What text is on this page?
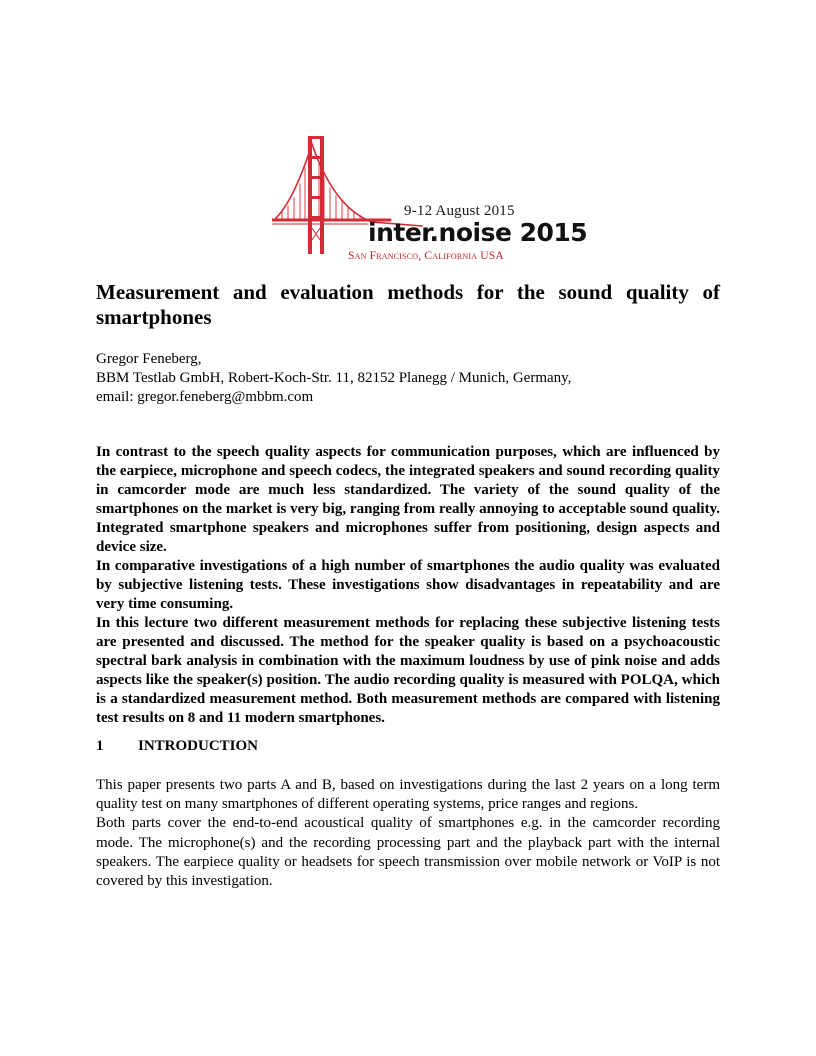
9-12 August 2015
inter.noise 2015
San Francisco, California USA
Measurement and evaluation methods for the sound quality of smartphones
Gregor Feneberg,
BBM Testlab GmbH, Robert-Koch-Str. 11, 82152 Planegg / Munich, Germany,
email: gregor.feneberg@mbbm.com

In contrast to the speech quality aspects for communication purposes, which are influenced by the earpiece, microphone and speech codecs, the integrated speakers and sound recording quality in camcorder mode are much less standardized. The variety of the sound quality of the smartphones on the market is very big, ranging from really annoying to acceptable sound quality. Integrated smartphone speakers and microphones suffer from positioning, design aspects and device size.

In comparative investigations of a high number of smartphones the audio quality was evaluated by subjective listening tests. These investigations show disadvantages in repeatability and are very time consuming.

In this lecture two different measurement methods for replacing these subjective listening tests are presented and discussed. The method for the speaker quality is based on a psychoacoustic spectral bark analysis in combination with the maximum loudness by use of pink noise and adds aspects like the speaker(s) position. The audio recording quality is measured with POLQA, which is a standardized measurement method. Both measurement methods are compared with listening test results on 8 and 11 modern smartphones.

1 INTRODUCTION

This paper presents two parts A and B, based on investigations during the last 2 years on a long term quality test on many smartphones of different operating systems, price ranges and regions.

Both parts cover the end-to-end acoustical quality of smartphones e.g. in the camcorder recording mode. The microphone(s) and the recording processing part and the playback part with the internal speakers. The earpiece quality or headsets for speech transmission over mobile network or VoIP is not covered by this investigation.
